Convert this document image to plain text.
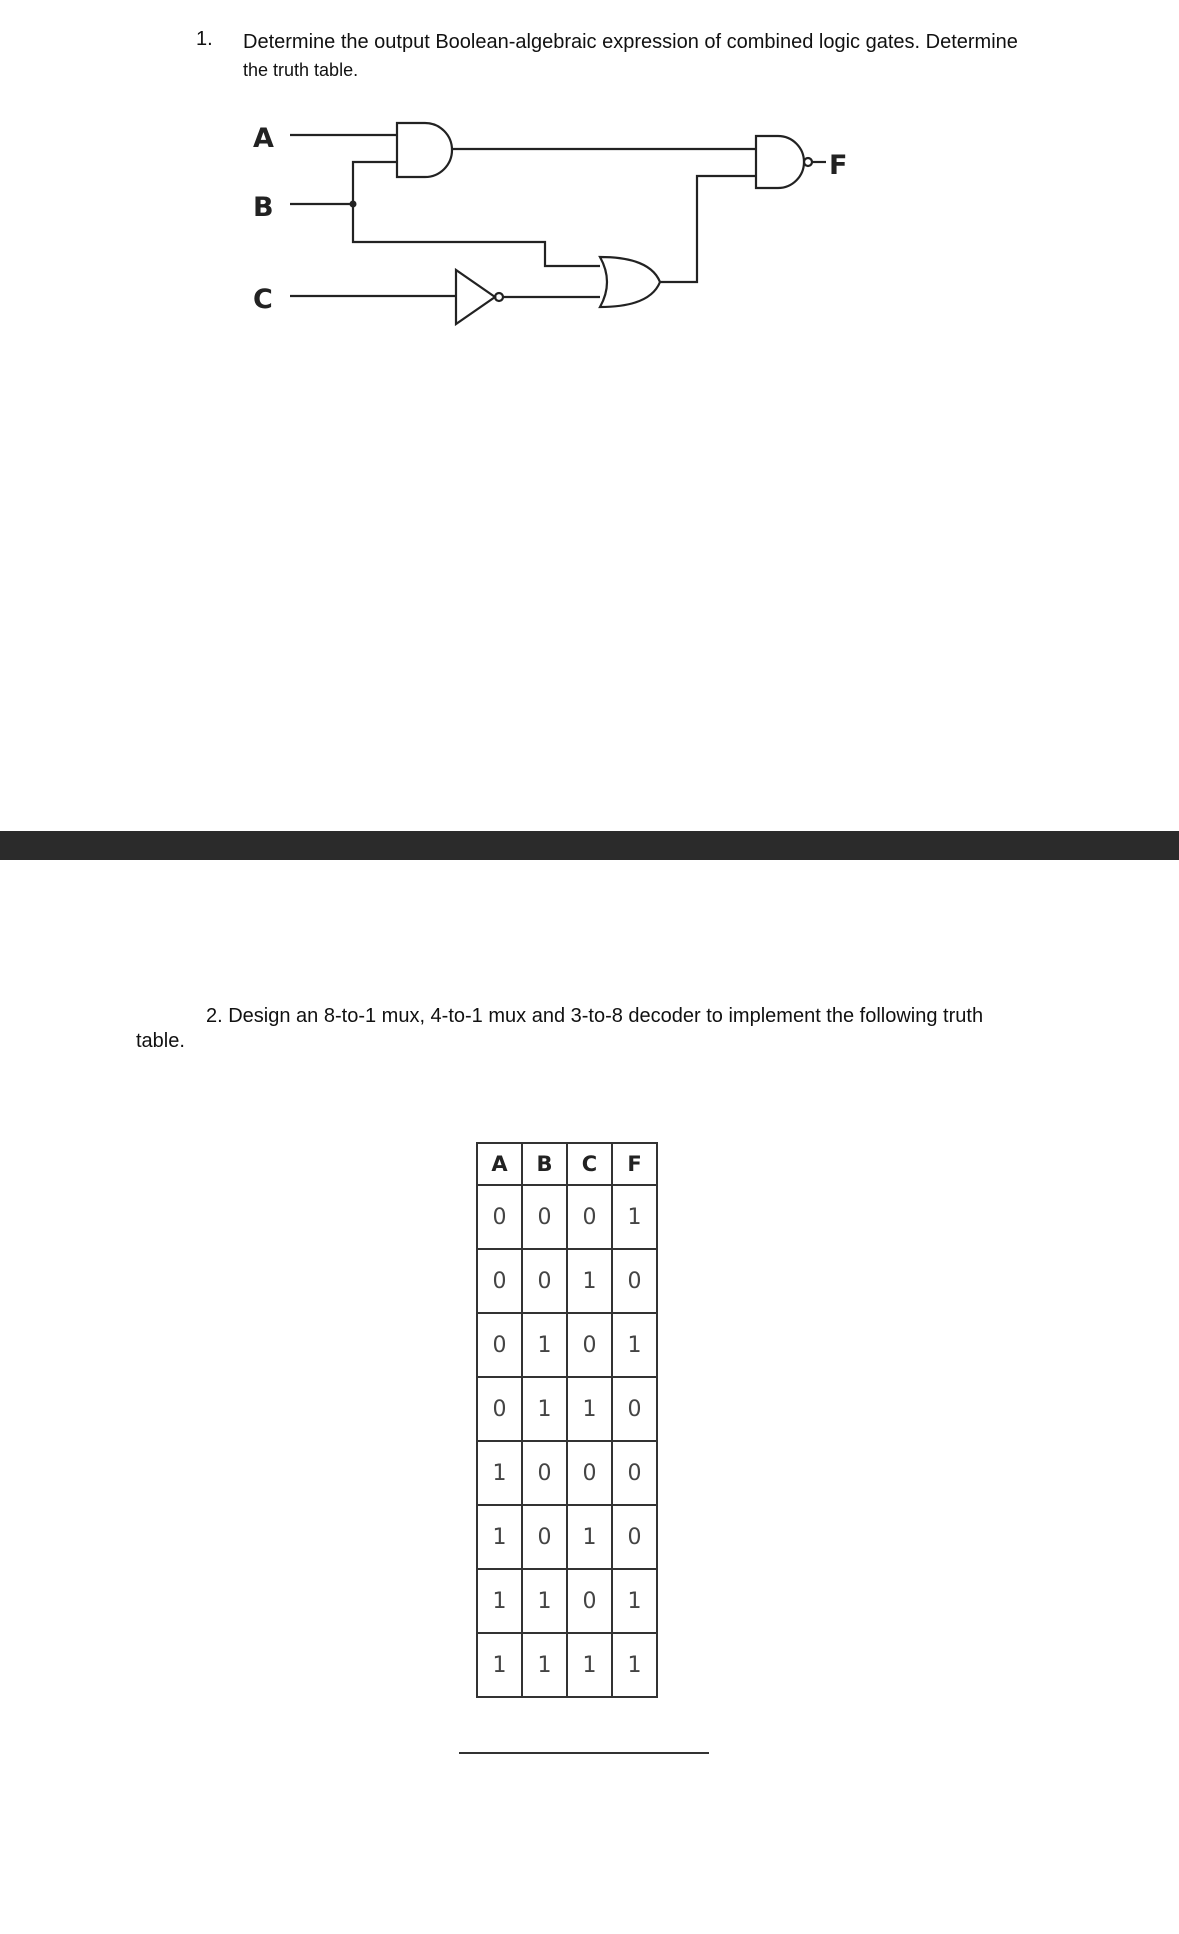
1. Determine the output Boolean-algebraic expression of combined logic gates. Determine
the truth table.
A
B
C
F
2. Design an 8-to-1 mux, 4-to-1 mux and 3-to-8 decoder to implement the following truth
table.
A	B	C	F
0	0	0	1
0	0	1	0
0	1	0	1
0	1	1	0
1	0	0	0
1	0	1	0
1	1	0	1
1	1	1	1
